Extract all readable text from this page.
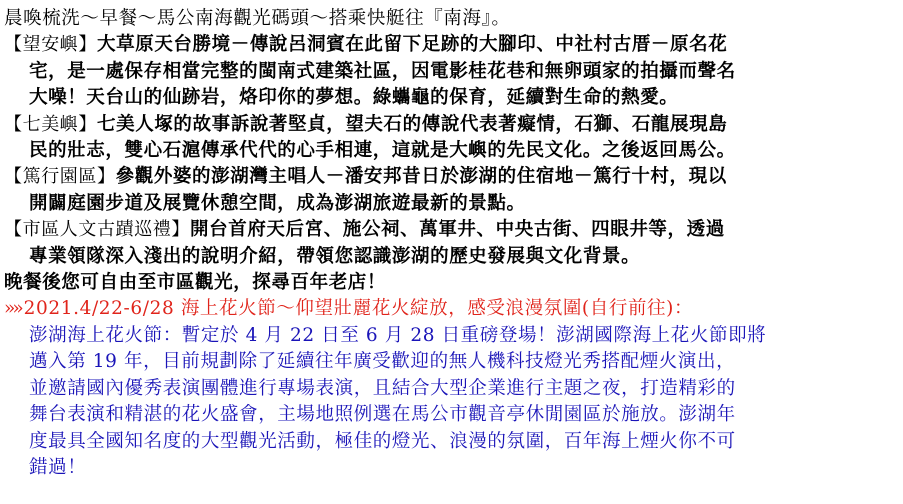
晨喚梳洗～早餐～馬公南海觀光碼頭～搭乘快艇往『南海』。
【望安嶼】大草原天台勝境－傳說呂洞賓在此留下足跡的大腳印、中社村古厝－原名花
宅，是一處保存相當完整的閩南式建築社區，因電影桂花巷和無卵頭家的拍攝而聲名
大噪！天台山的仙跡岩，烙印你的夢想。綠蠵龜的保育，延續對生命的熱愛。
【七美嶼】七美人塚的故事訴說著堅貞，望夫石的傳說代表著癡情，石獅、石龍展現島
民的壯志，雙心石滬傳承代代的心手相連，這就是大嶼的先民文化。之後返回馬公。
【篤行園區】參觀外婆的澎湖灣主唱人－潘安邦昔日於澎湖的住宿地－篤行十村，現以
開闢庭園步道及展覽休憩空間，成為澎湖旅遊最新的景點。
【市區人文古蹟巡禮】開台首府天后宮、施公祠、萬軍井、中央古街、四眼井等，透過
專業領隊深入淺出的說明介紹，帶領您認識澎湖的歷史發展與文化背景。
晚餐後您可自由至市區觀光，探尋百年老店！
»» 2021.4/22-6/28 海上花火節～仰望壯麗花火綻放，感受浪漫氛圍(自行前往)：
澎湖海上花火節：暫定於 4 月 22 日至 6 月 28 日重磅登場！澎湖國際海上花火節即將
邁入第 19 年，目前規劃除了延續往年廣受歡迎的無人機科技燈光秀搭配煙火演出，
並邀請國內優秀表演團體進行專場表演，且結合大型企業進行主題之夜，打造精彩的
舞台表演和精湛的花火盛會，主場地照例選在馬公市觀音亭休閒園區於施放。澎湖年
度最具全國知名度的大型觀光活動，極佳的燈光、浪漫的氛圍，百年海上煙火你不可
錯過！
